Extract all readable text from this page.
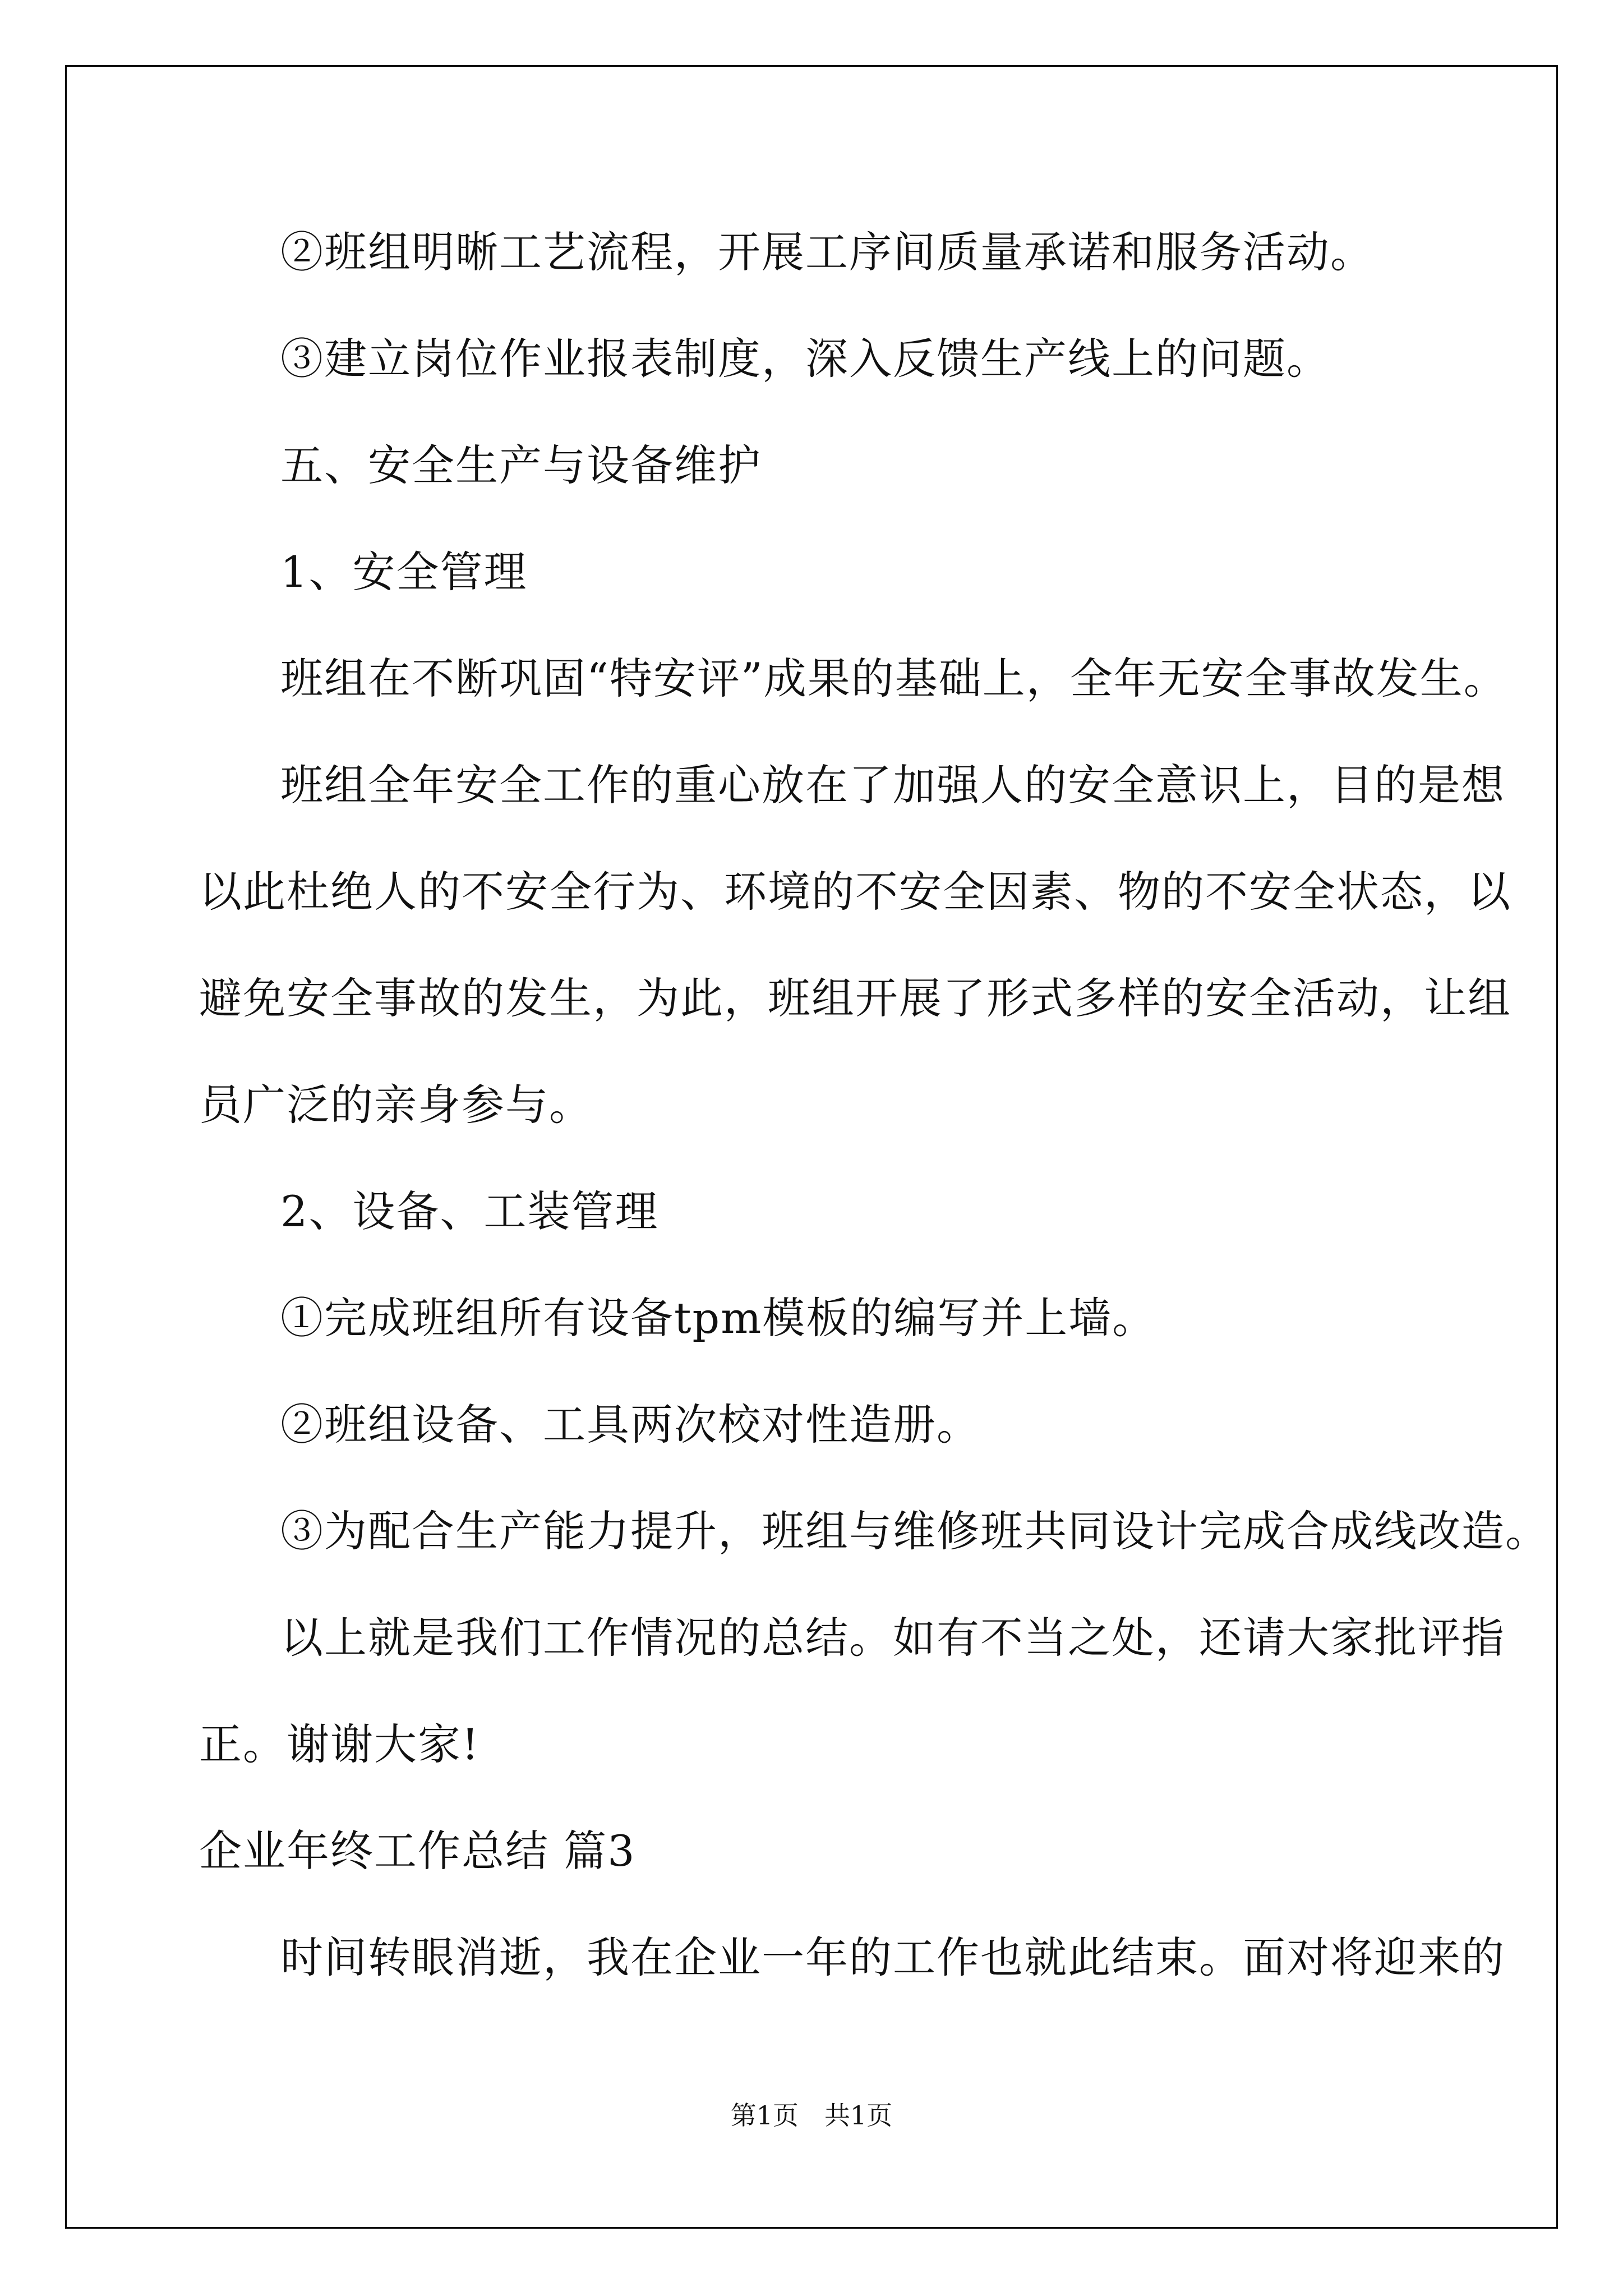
②班组明晰工艺流程，开展工序间质量承诺和服务活动。
③建立岗位作业报表制度，深入反馈生产线上的问题。
五、安全生产与设备维护
1、安全管理
班组在不断巩固“特安评”成果的基础上，全年无安全事故发生。
班组全年安全工作的重心放在了加强人的安全意识上，目的是想
以此杜绝人的不安全行为、环境的不安全因素、物的不安全状态，以
避免安全事故的发生，为此，班组开展了形式多样的安全活动，让组
员广泛的亲身参与。
2、设备、工装管理
①完成班组所有设备tpm模板的编写并上墙。
②班组设备、工具两次校对性造册。
③为配合生产能力提升，班组与维修班共同设计完成合成线改造。
以上就是我们工作情况的总结。如有不当之处，还请大家批评指
正。谢谢大家!
企业年终工作总结 篇3
时间转眼消逝，我在企业一年的工作也就此结束。面对将迎来的
第1页　共1页
